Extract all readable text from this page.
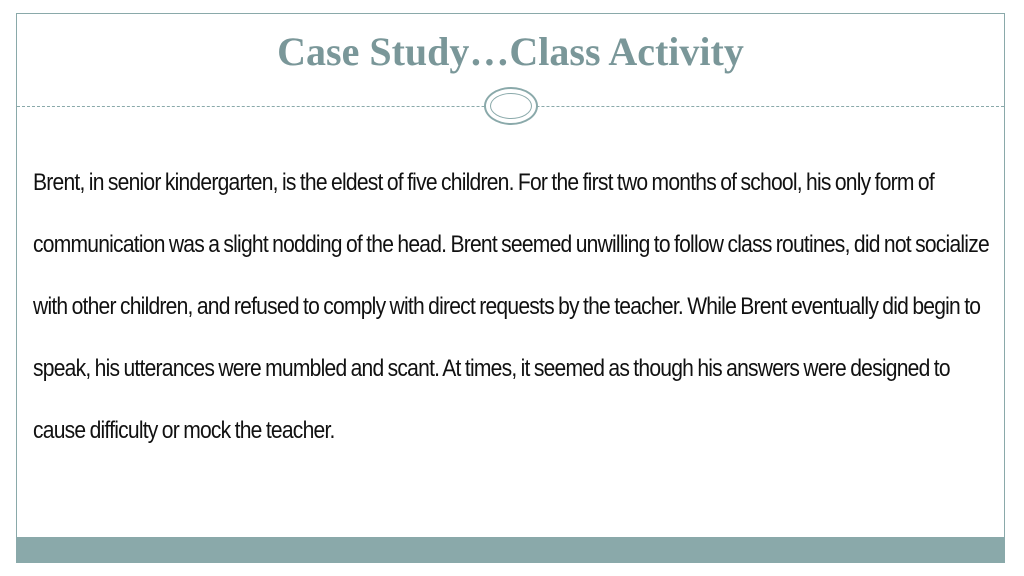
Case Study…Class Activity

Brent, in senior kindergarten, is the eldest of five children. For the first two months of school, his only form of communication was a slight nodding of the head. Brent seemed unwilling to follow class routines, did not socialize with other children, and refused to comply with direct requests by the teacher. While Brent eventually did begin to speak, his utterances were mumbled and scant. At times, it seemed as though his answers were designed to cause difficulty or mock the teacher.
